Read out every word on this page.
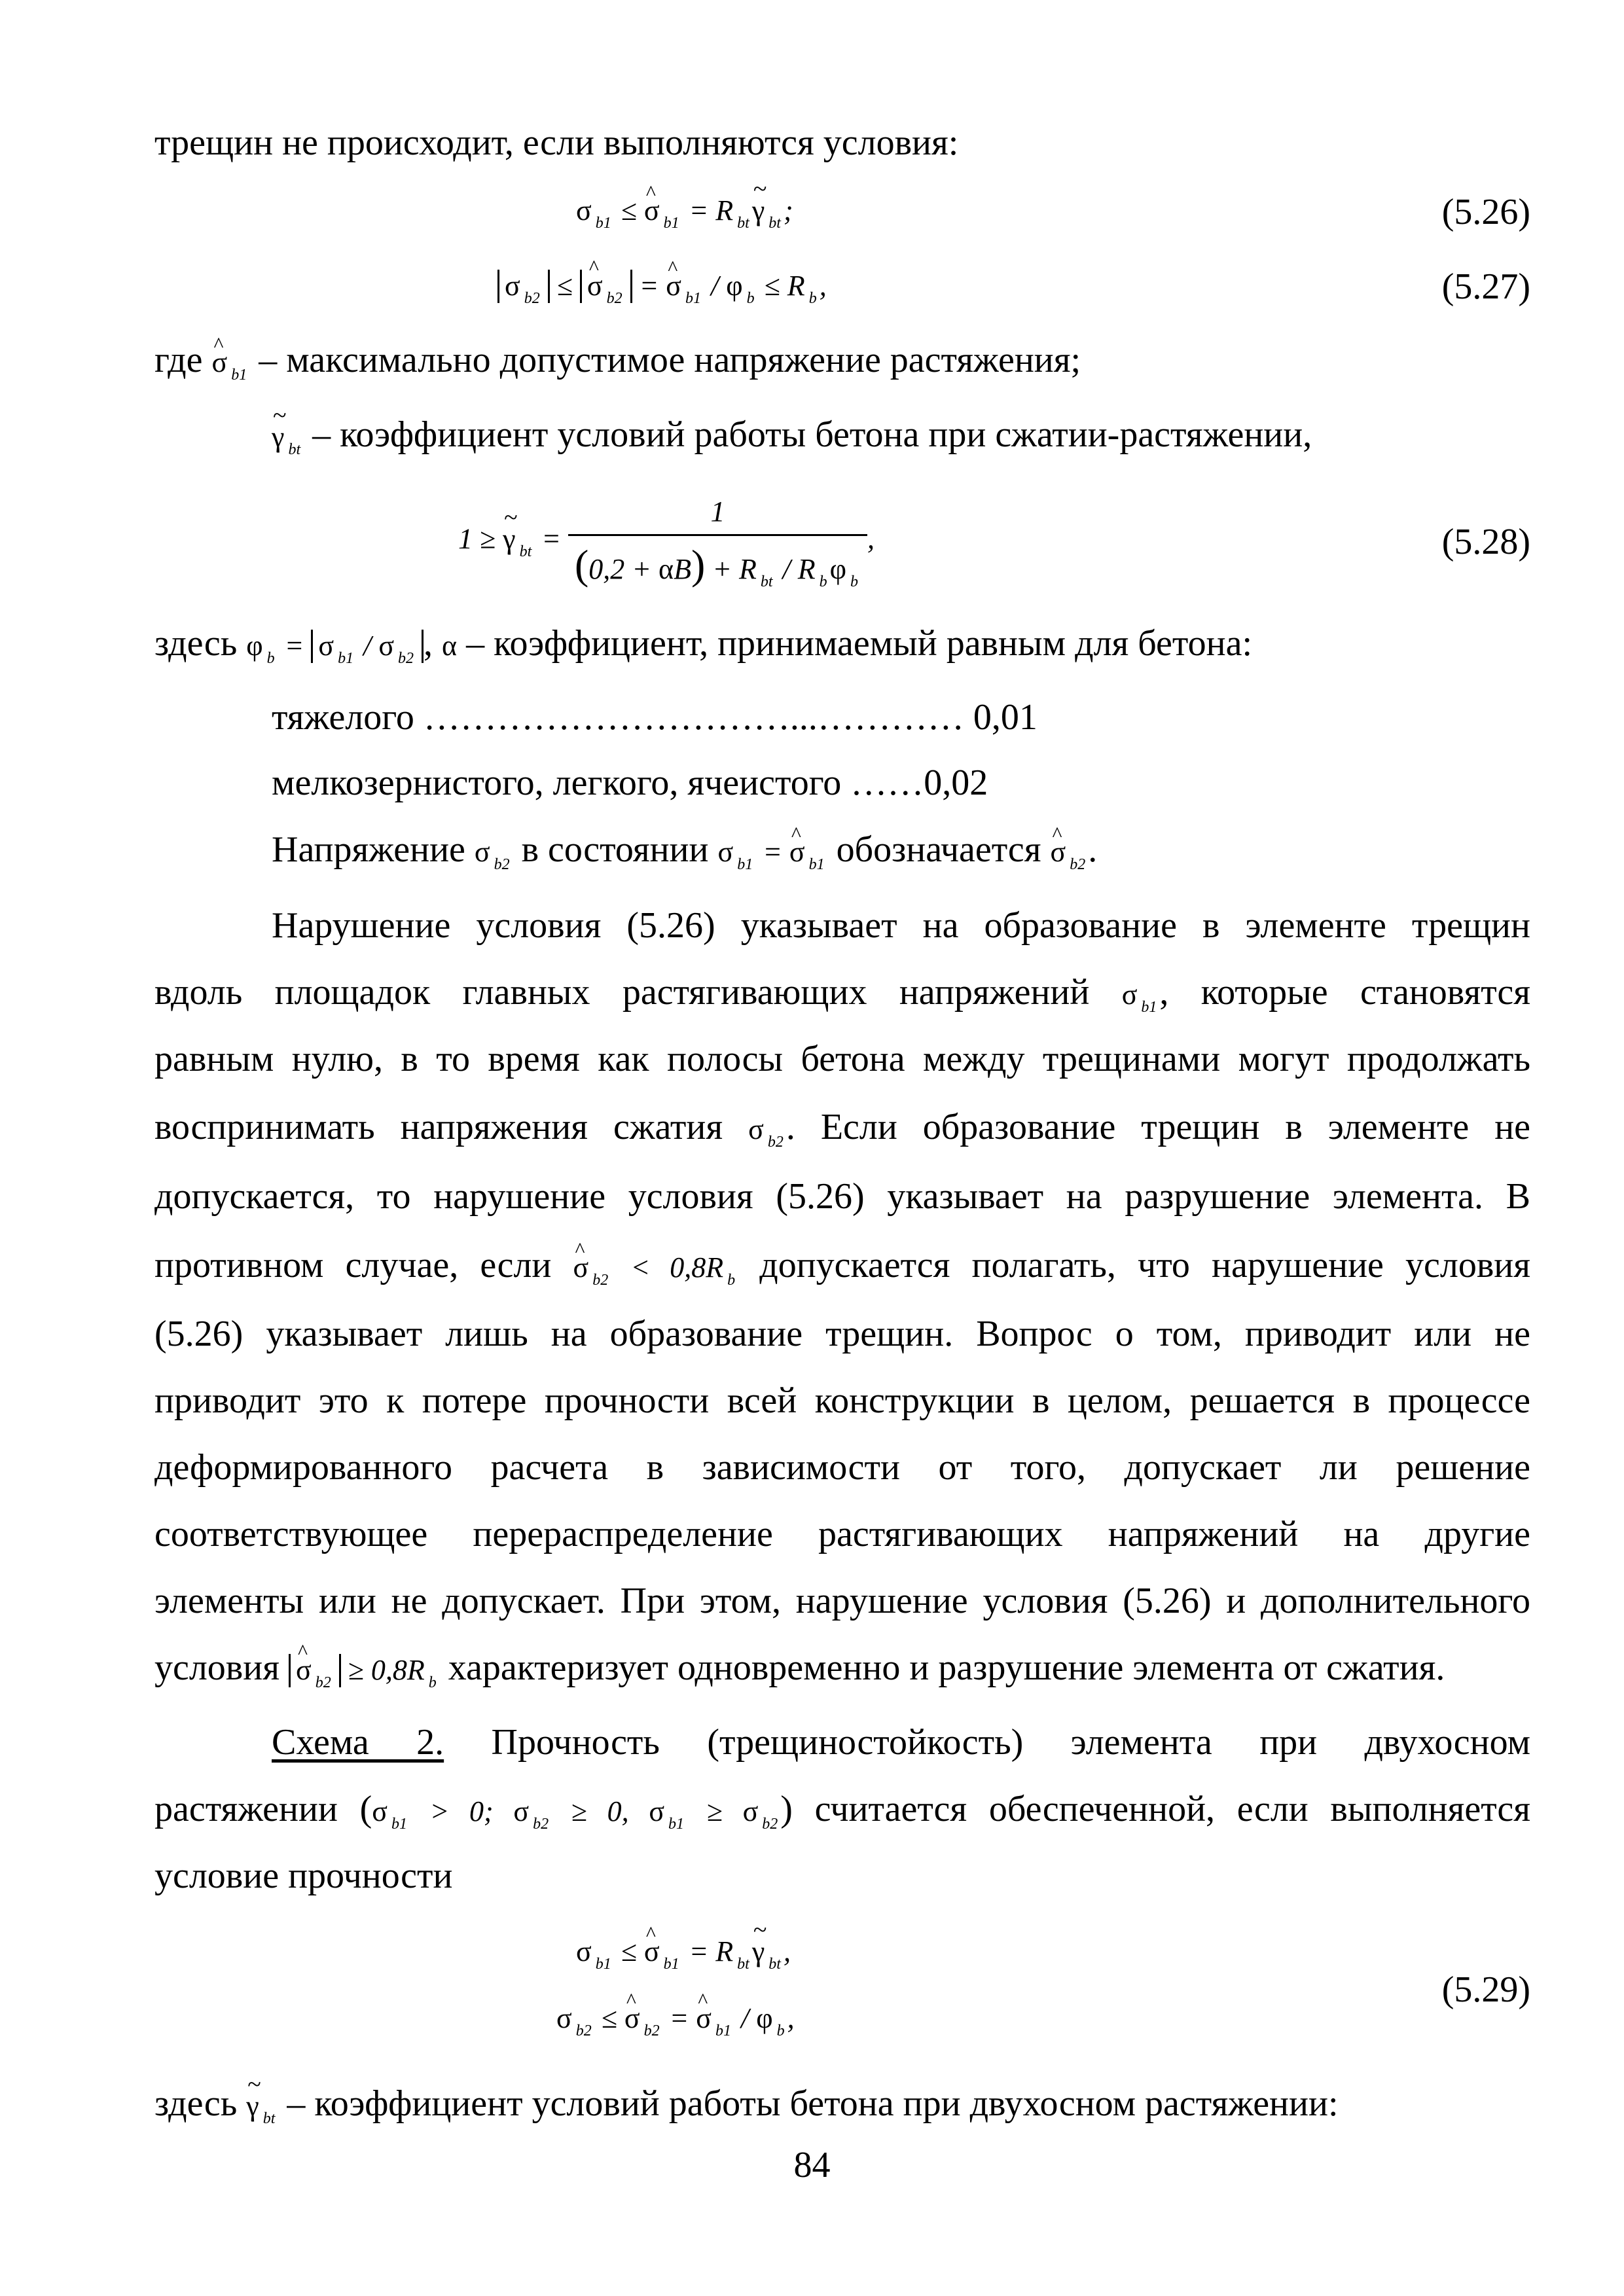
трещин не происходит, если выполняются условия:
σ $_{b1}$ ≤ ^ σ $_{b1}$ = R $_{bt}$~ γ $_{bt}$;	(5.26)
σ $_{b2}$ ≤ ^ σ $_{b2}$ = ^ σ $_{b1}$ / φ $_b$ ≤ R $_b$,	(5.27)
где ^ σ $_{b1}$ – максимально допустимое напряжение растяжения;
~ γ $_{bt}$ – коэффициент условий работы бетона при сжатии-растяжении,
1 ≥ ~ γ $_{bt} = \frac{1}{(0,2 + \alpha B) + R _{bt} / R _b\varphi _b}$ ,	(5.28)
здесь φ $_b$ = σ $_{b1}$ / σ $_{b2}$ , α – коэффициент, принимаемый равным для бетона:
тяжелого …………………………...………… 0,01
мелкозернистого, легкого, ячеистого ……0,02
Напряжение σ $_{b2}$ в состоянии σ $_{b1}$ = ^ σ $_{b1}$ обозначается ^ σ $_{b2}$.
Нарушение условия (5.26) указывает на образование в элементе трещин
вдоль площадок главных растягивающих напряжений σ $_{b1}$, которые становятся
равным нулю, в то время как полосы бетона между трещинами могут продолжать
воспринимать напряжения сжатия σ $_{b2}$. Если образование трещин в элементе не
допускается, то нарушение условия (5.26) указывает на разрушение элемента. В
противном случае, если ^ σ $_{b2}$ < 0,8R $_b$ допускается полагать, что нарушение условия
(5.26) указывает лишь на образование трещин. Вопрос о том, приводит или не
приводит это к потере прочности всей конструкции в целом, решается в процессе
деформированного расчета в зависимости от того, допускает ли решение
соответствующее перераспределение растягивающих напряжений на другие
элементы или не допускает. При этом, нарушение условия (5.26) и дополнительного
условия ^ σ $_{b2}$ ≥ 0,8R $_b$ характеризует одновременно и разрушение элемента от сжатия.
Схема 2. Прочность (трещиностойкость) элемента при двухосном
растяжении (σ $_{b1}$ > 0; σ $_{b2}$ ≥ 0, σ $_{b1}$ ≥ σ $_{b2}$) считается обеспеченной, если выполняется
условие прочности
σ $_{b1}$ ≤ ^ σ $_{b1}$ = R $_{bt}$~ γ $_{bt}$,
σ $_{b2}$ ≤ ^ σ $_{b2}$ = ^ σ $_{b1}$ / φ $_b$,
(5.29)
здесь ~ γ $_{bt}$ – коэффициент условий работы бетона при двухосном растяжении:
84
